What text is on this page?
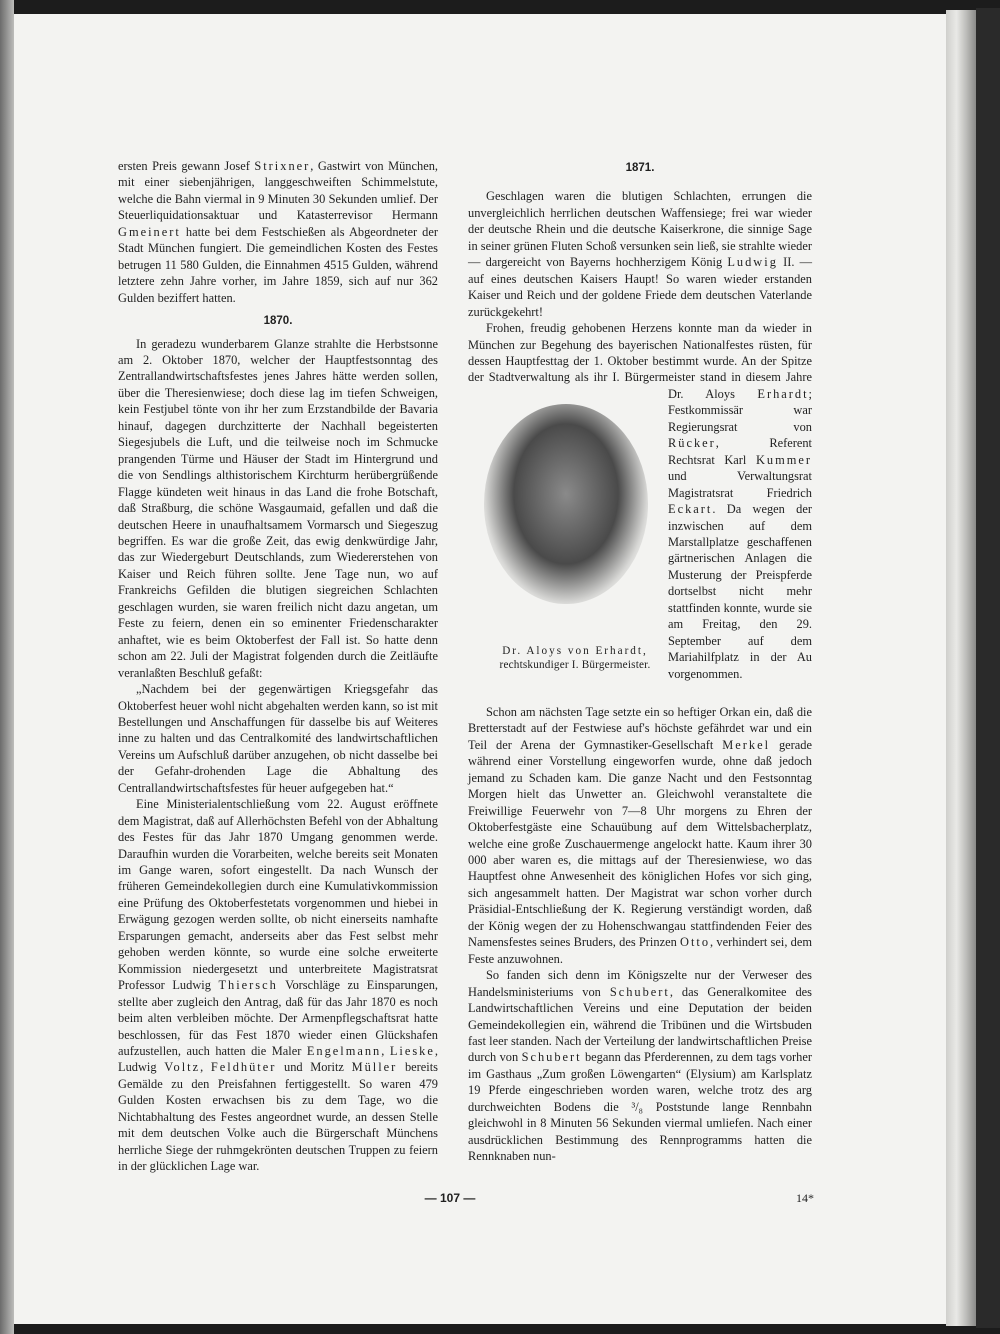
ersten Preis gewann Josef Strixner, Gastwirt von München, mit einer siebenjährigen, langgeschweiften Schimmelstute, welche die Bahn viermal in 9 Minuten 30 Sekunden umlief. Der Steuerliquidationsaktuar und Katasterrevisor Hermann Gmeinert hatte bei dem Festschießen als Abgeordneter der Stadt München fungiert. Die gemeindlichen Kosten des Festes betrugen 11 580 Gulden, die Einnahmen 4515 Gulden, während letztere zehn Jahre vorher, im Jahre 1859, sich auf nur 362 Gulden beziffert hatten.

1870.

In geradezu wunderbarem Glanze strahlte die Herbstsonne am 2. Oktober 1870, welcher der Hauptfestsonntag des Zentrallandwirtschaftsfestes jenes Jahres hätte werden sollen, über die Theresienwiese; doch diese lag im tiefen Schweigen, kein Festjubel tönte von ihr her zum Erzstandbilde der Bavaria hinauf, dagegen durchzitterte der Nachhall begeisterten Siegesjubels die Luft, und die teilweise noch im Schmucke prangenden Türme und Häuser der Stadt im Hintergrund und die von Sendlings althistorischem Kirchturm herübergrüßende Flagge kündeten weit hinaus in das Land die frohe Botschaft, daß Straßburg, die schöne Wasgaumaid, gefallen und daß die deutschen Heere in unaufhaltsamem Vormarsch und Siegeszug begriffen. Es war die große Zeit, das ewig denkwürdige Jahr, das zur Wiedergeburt Deutschlands, zum Wiedererstehen von Kaiser und Reich führen sollte. Jene Tage nun, wo auf Frankreichs Gefilden die blutigen siegreichen Schlachten geschlagen wurden, sie waren freilich nicht dazu angetan, um Feste zu feiern, denen ein so eminenter Friedenscharakter anhaftet, wie es beim Oktoberfest der Fall ist. So hatte denn schon am 22. Juli der Magistrat folgenden durch die Zeitläufte veranlaßten Beschluß gefaßt:

„Nachdem bei der gegenwärtigen Kriegsgefahr das Oktoberfest heuer wohl nicht abgehalten werden kann, so ist mit Bestellungen und Anschaffungen für dasselbe bis auf Weiteres inne zu halten und das Centralkomité des landwirtschaftlichen Vereins um Aufschluß darüber anzugehen, ob nicht dasselbe bei der Gefahr-drohenden Lage die Abhaltung des Centrallandwirtschaftsfestes für heuer aufgegeben hat.“

Eine Ministerialentschließung vom 22. August eröffnete dem Magistrat, daß auf Allerhöchsten Befehl von der Abhaltung des Festes für das Jahr 1870 Umgang genommen werde. Daraufhin wurden die Vorarbeiten, welche bereits seit Monaten im Gange waren, sofort eingestellt. Da nach Wunsch der früheren Gemeindekollegien durch eine Kumulativkommission eine Prüfung des Oktoberfestetats vorgenommen und hiebei in Erwägung gezogen werden sollte, ob nicht einerseits namhafte Ersparungen gemacht, anderseits aber das Fest selbst mehr gehoben werden könnte, so wurde eine solche erweiterte Kommission niedergesetzt und unterbreitete Magistratsrat Professor Ludwig Thiersch Vorschläge zu Einsparungen, stellte aber zugleich den Antrag, daß für das Jahr 1870 es noch beim alten verbleiben möchte. Der Armenpflegschaftsrat hatte beschlossen, für das Fest 1870 wieder einen Glückshafen aufzustellen, auch hatten die Maler Engelmann, Lieske, Ludwig Voltz, Feldhüter und Moritz Müller bereits Gemälde zu den Preisfahnen fertiggestellt. So waren 479 Gulden Kosten erwachsen bis zu dem Tage, wo die Nichtabhaltung des Festes angeordnet wurde, an dessen Stelle mit dem deutschen Volke auch die Bürgerschaft Münchens herrliche Siege der ruhmgekrönten deutschen Truppen zu feiern in der glücklichen Lage war.

1871.

Geschlagen waren die blutigen Schlachten, errungen die unvergleichlich herrlichen deutschen Waffensiege; frei war wieder der deutsche Rhein und die deutsche Kaiserkrone, die sinnige Sage in seiner grünen Fluten Schoß versunken sein ließ, sie strahlte wieder — dargereicht von Bayerns hochherzigem König Ludwig II. — auf eines deutschen Kaisers Haupt! So waren wieder erstanden Kaiser und Reich und der goldene Friede dem deutschen Vaterlande zurückgekehrt!

Frohen, freudig gehobenen Herzens konnte man da wieder in München zur Begehung des bayerischen Nationalfestes rüsten, für dessen Hauptfesttag der 1. Oktober bestimmt wurde. An der Spitze der Stadtverwaltung als ihr I. Bürgermeister stand in diesem Jahre Dr. Aloys
Dr. Aloys von Erhardt,
rechtskundiger I. Bürgermeister.
Erhardt; Festkommissär war Regierungsrat von Rücker, Referent Rechtsrat Karl Kummer und Verwaltungsrat Magistratsrat Friedrich Eckart. Da wegen der inzwischen auf dem Marstallplatze geschaffenen gärtnerischen Anlagen die Musterung der Preispferde dortselbst nicht mehr stattfinden konnte, wurde sie am Freitag, den 29. September auf dem Mariahilfplatz in der Au vorgenommen.

Schon am nächsten Tage setzte ein so heftiger Orkan ein, daß die Bretterstadt auf der Festwiese auf's höchste gefährdet war und ein Teil der Arena der Gymnastiker-Gesellschaft Merkel gerade während einer Vorstellung eingeworfen wurde, ohne daß jedoch jemand zu Schaden kam. Die ganze Nacht und den Festsonntag Morgen hielt das Unwetter an. Gleichwohl veranstaltete die Freiwillige Feuerwehr von 7—8 Uhr morgens zu Ehren der Oktoberfestgäste eine Schauübung auf dem Wittelsbacherplatz, welche eine große Zuschauermenge angelockt hatte. Kaum ihrer 30 000 aber waren es, die mittags auf der Theresienwiese, wo das Hauptfest ohne Anwesenheit des königlichen Hofes vor sich ging, sich angesammelt hatten. Der Magistrat war schon vorher durch Präsidial-Entschließung der K. Regierung verständigt worden, daß der König wegen der zu Hohenschwangau stattfindenden Feier des Namensfestes seines Bruders, des Prinzen Otto, verhindert sei, dem Feste anzuwohnen.

So fanden sich denn im Königszelte nur der Verweser des Handelsministeriums von Schubert, das Generalkomitee des Landwirtschaftlichen Vereins und eine Deputation der beiden Gemeindekollegien ein, während die Tribünen und die Wirtsbuden fast leer standen. Nach der Verteilung der landwirtschaftlichen Preise durch von Schubert begann das Pferderennen, zu dem tags vorher im Gasthaus „Zum großen Löwengarten“ (Elysium) am Karlsplatz 19 Pferde eingeschrieben worden waren, welche trotz des arg durchweichten Bodens die ³/₈ Poststunde lange Rennbahn gleichwohl in 8 Minuten 56 Sekunden viermal umliefen. Nach einer ausdrücklichen Bestimmung des Rennprogramms hatten die Rennknaben nun-

— 107 —	14*
